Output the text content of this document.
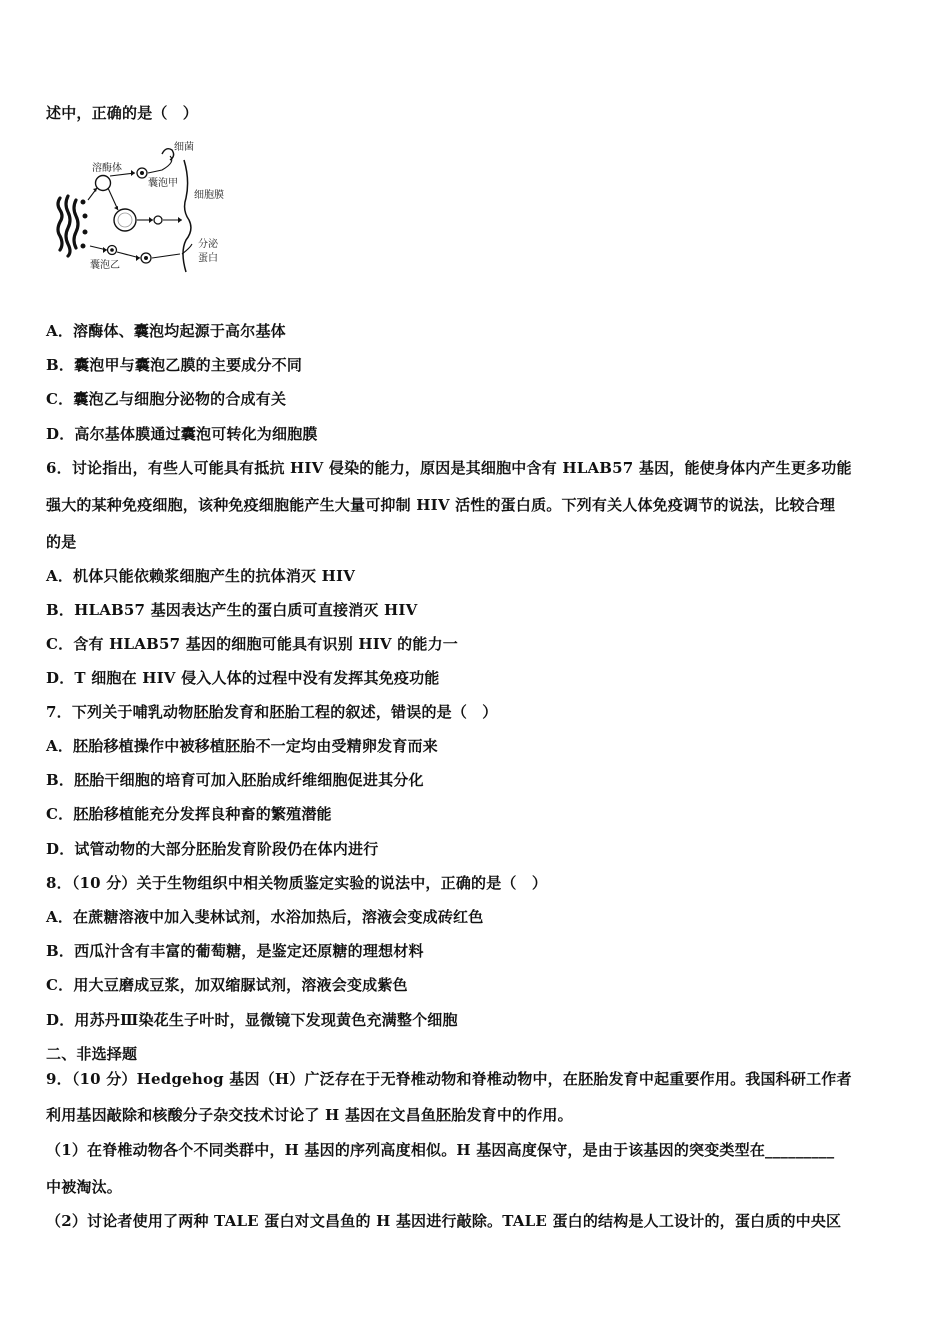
述中，正确的是（　）
细菌
溶酶体
囊泡甲
细胞膜
囊泡乙
分泌
蛋白
A．溶酶体、囊泡均起源于高尔基体
B．囊泡甲与囊泡乙膜的主要成分不同
C．囊泡乙与细胞分泌物的合成有关
D．高尔基体膜通过囊泡可转化为细胞膜
6．讨论指出，有些人可能具有抵抗 HIV 侵染的能力，原因是其细胞中含有 HLAB57 基因，能使身体内产生更多功能
强大的某种免疫细胞，该种免疫细胞能产生大量可抑制 HIV 活性的蛋白质。下列有关人体免疫调节的说法，比较合理
的是
A．机体只能依赖浆细胞产生的抗体消灭 HIV
B．HLAB57 基因表达产生的蛋白质可直接消灭 HIV
C．含有 HLAB57 基因的细胞可能具有识别 HIV 的能力一
D．T 细胞在 HIV 侵入人体的过程中没有发挥其免疫功能
7．下列关于哺乳动物胚胎发育和胚胎工程的叙述，错误的是（　）
A．胚胎移植操作中被移植胚胎不一定均由受精卵发育而来
B．胚胎干细胞的培育可加入胚胎成纤维细胞促进其分化
C．胚胎移植能充分发挥良种畜的繁殖潜能
D．试管动物的大部分胚胎发育阶段仍在体内进行
8．（10 分）关于生物组织中相关物质鉴定实验的说法中，正确的是（　）
A．在蔗糖溶液中加入斐林试剂，水浴加热后，溶液会变成砖红色
B．西瓜汁含有丰富的葡萄糖，是鉴定还原糖的理想材料
C．用大豆磨成豆浆，加双缩脲试剂，溶液会变成紫色
D．用苏丹Ⅲ染花生子叶时，显微镜下发现黄色充满整个细胞
二、非选择题
9．（10 分）Hedgehog 基因（H）广泛存在于无脊椎动物和脊椎动物中，在胚胎发育中起重要作用。我国科研工作者
利用基因敲除和核酸分子杂交技术讨论了 H 基因在文昌鱼胚胎发育中的作用。
（1）在脊椎动物各个不同类群中，H 基因的序列高度相似。H 基因高度保守，是由于该基因的突变类型在_________
中被淘汰。
（2）讨论者使用了两种 TALE 蛋白对文昌鱼的 H 基因进行敲除。TALE 蛋白的结构是人工设计的，蛋白质的中央区
